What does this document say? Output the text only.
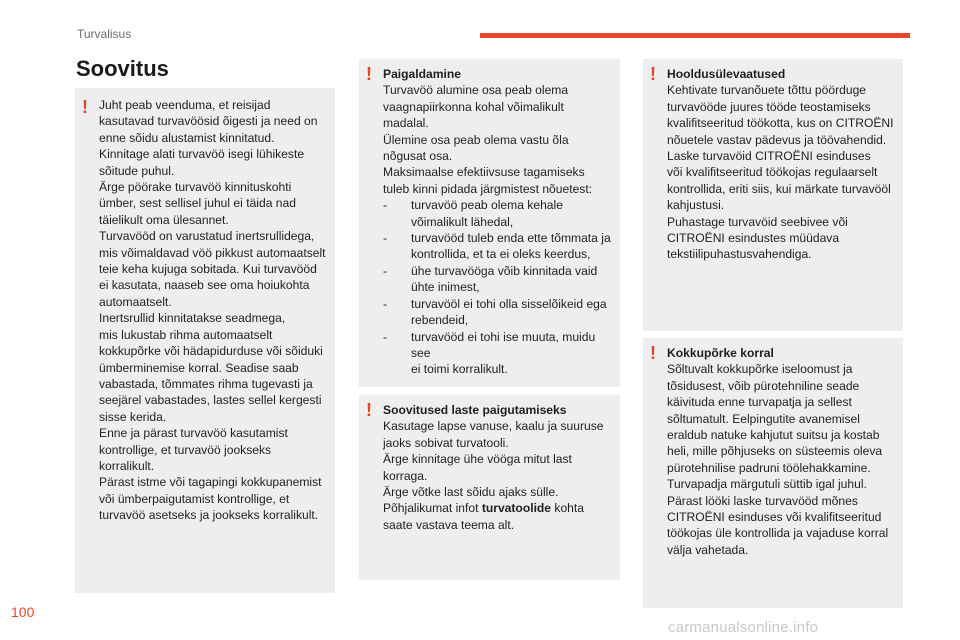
Turvalisus
Soovitus
! Juht peab veenduma, et reisijad
kasutavad turvavöösid õigesti ja need on
enne sõidu alustamist kinnitatud.
Kinnitage alati turvavöö isegi lühikeste
sõitude puhul.
Ärge pöörake turvavöö kinnituskohti
ümber, sest sellisel juhul ei täida nad
täielikult oma ülesannet.
Turvavööd on varustatud inertsrullidega,
mis võimaldavad vöö pikkust automaatselt
teie keha kujuga sobitada. Kui turvavööd
ei kasutata, naaseb see oma hoiukohta
automaatselt.
Inertsrullid kinnitatakse seadmega,
mis lukustab rihma automaatselt
kokkupõrke või hädapidurduse või sõiduki
ümberminemise korral. Seadise saab
vabastada, tõmmates rihma tugevasti ja
seejärel vabastades, lastes sellel kergesti
sisse kerida.
Enne ja pärast turvavöö kasutamist
kontrollige, et turvavöö jookseks
korralikult.
Pärast istme või tagapingi kokkupanemist
või ümberpaigutamist kontrollige, et
turvavöö asetseks ja jookseks korralikult.
! Paigaldamine

Turvavöö alumine osa peab olema
vaagnapiirkonna kohal võimalikult
madalal.
Ülemine osa peab olema vastu õla
nõgusat osa.
Maksimaalse efektiivsuse tagamiseks
tuleb kinni pidada järgmistest nõuetest:
- turvavöö peab olema kehale
võimalikult lähedal,
- turvavööd tuleb enda ette tõmmata ja
kontrollida, et ta ei oleks keerdus,
- ühe turvavööga võib kinnitada vaid
ühte inimest,
- turvavööl ei tohi olla sisselõikeid ega
rebendeid,
- turvavööd ei tohi ise muuta, muidu see
ei toimi korralikult.
! Soovitused laste paigutamiseks

Kasutage lapse vanuse, kaalu ja suuruse
jaoks sobivat turvatooli.
Ärge kinnitage ühe vööga mitut last
korraga.
Ärge võtke last sõidu ajaks sülle.

Põhjalikumat infot turvatoolide kohta

saate vastava teema alt.

! Hooldusülevaatused

Kehtivate turvanõuete tõttu pöörduge
turvavööde juures tööde teostamiseks
kvalifitseeritud töökotta, kus on CITROËNI
nõuetele vastav pädevus ja töövahendid.
Laske turvavöid CITROËNI esinduses
või kvalifitseeritud töökojas regulaarselt
kontrollida, eriti siis, kui märkate turvavööl
kahjustusi.
Puhastage turvavöid seebivee või
CITROËNI esindustes müüdava
tekstiilipuhastusvahendiga.
! Kokkupõrke korral

Sõltuvalt kokkupõrke iseloomust ja
tõsidusest, võib pürotehniline seade
käivituda enne turvapatja ja sellest
sõltumatult. Eelpingutite avanemisel
eraldub natuke kahjutut suitsu ja kostab
heli, mille põhjuseks on süsteemis oleva
pürotehnilise padruni töölehakkamine.
Turvapadja märgutuli süttib igal juhul.
Pärast lööki laske turvavööd mõnes
CITROËNI esinduses või kvalifitseeritud
töökojas üle kontrollida ja vajaduse korral
välja vahetada.
100
carmanualsonline.info
